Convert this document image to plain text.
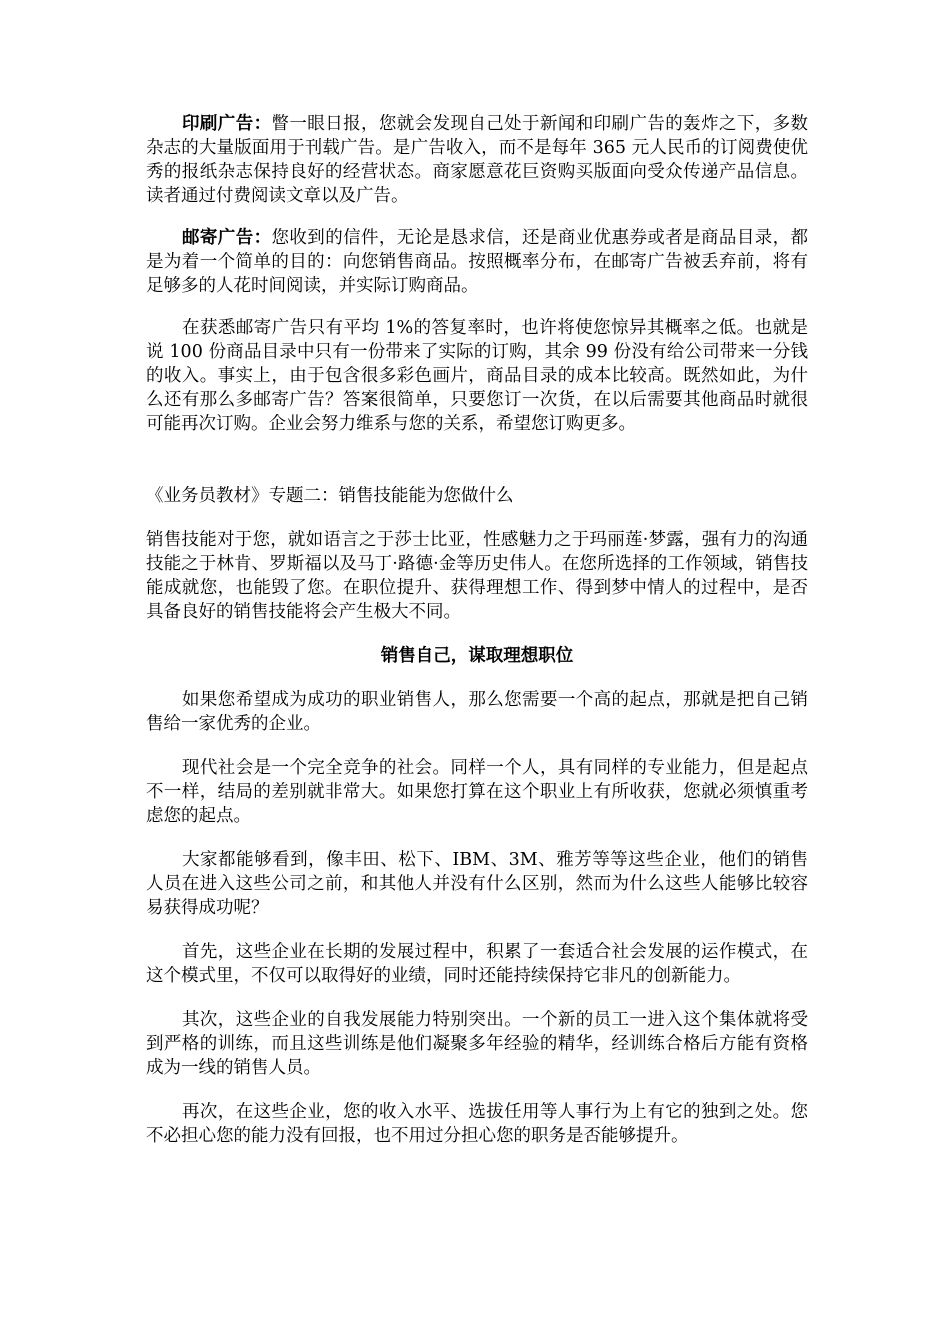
印刷广告：瞥一眼日报，您就会发现自己处于新闻和印刷广告的轰炸之下，多数杂志的大量版面用于刊载广告。是广告收入，而不是每年 365 元人民币的订阅费使优秀的报纸杂志保持良好的经营状态。商家愿意花巨资购买版面向受众传递产品信息。读者通过付费阅读文章以及广告。

邮寄广告：您收到的信件，无论是恳求信，还是商业优惠券或者是商品目录，都是为着一个简单的目的：向您销售商品。按照概率分布，在邮寄广告被丢弃前，将有足够多的人花时间阅读，并实际订购商品。

在获悉邮寄广告只有平均 1%的答复率时，也许将使您惊异其概率之低。也就是说 100 份商品目录中只有一份带来了实际的订购，其余 99 份没有给公司带来一分钱的收入。事实上，由于包含很多彩色画片，商品目录的成本比较高。既然如此，为什么还有那么多邮寄广告？答案很简单，只要您订一次货，在以后需要其他商品时就很可能再次订购。企业会努力维系与您的关系，希望您订购更多。

《业务员教材》专题二：销售技能能为您做什么

销售技能对于您，就如语言之于莎士比亚，性感魅力之于玛丽莲·梦露，强有力的沟通技能之于林肯、罗斯福以及马丁·路德·金等历史伟人。在您所选择的工作领域，销售技能成就您，也能毁了您。在职位提升、获得理想工作、得到梦中情人的过程中，是否具备良好的销售技能将会产生极大不同。

销售自己，谋取理想职位

如果您希望成为成功的职业销售人，那么您需要一个高的起点，那就是把自己销售给一家优秀的企业。

现代社会是一个完全竞争的社会。同样一个人，具有同样的专业能力，但是起点不一样，结局的差别就非常大。如果您打算在这个职业上有所收获，您就必须慎重考虑您的起点。

大家都能够看到，像丰田、松下、IBM、3M、雅芳等等这些企业，他们的销售人员在进入这些公司之前，和其他人并没有什么区别，然而为什么这些人能够比较容易获得成功呢？

首先，这些企业在长期的发展过程中，积累了一套适合社会发展的运作模式，在这个模式里，不仅可以取得好的业绩，同时还能持续保持它非凡的创新能力。

其次，这些企业的自我发展能力特别突出。一个新的员工一进入这个集体就将受到严格的训练，而且这些训练是他们凝聚多年经验的精华，经训练合格后方能有资格成为一线的销售人员。

再次，在这些企业，您的收入水平、选拔任用等人事行为上有它的独到之处。您不必担心您的能力没有回报，也不用过分担心您的职务是否能够提升。
